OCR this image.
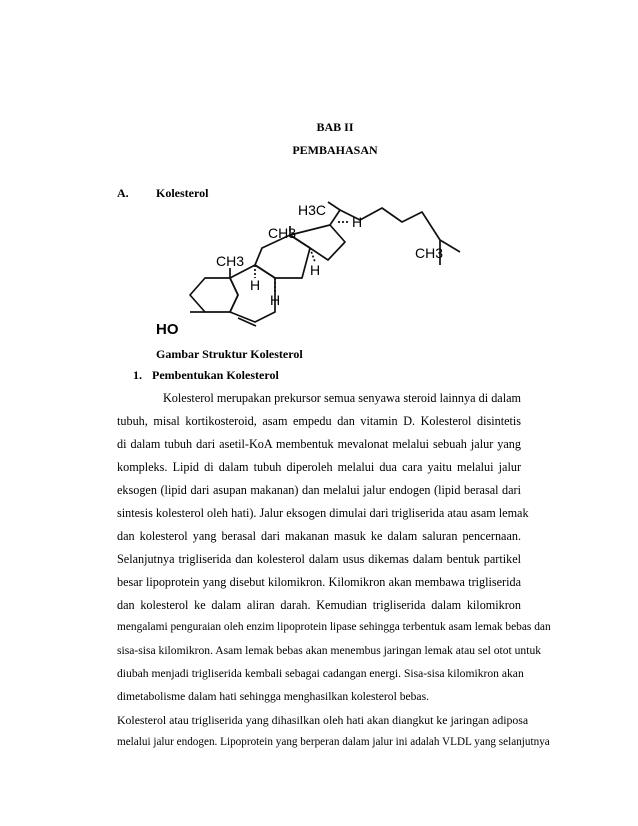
BAB II
PEMBAHASAN
A. Kolesterol
H3C
CH3
CH3	CH3
HO
H
H
H
H
Gambar Struktur Kolesterol
1. Pembentukan Kolesterol
Kolesterol merupakan prekursor semua senyawa steroid lainnya di dalam
tubuh, misal kortikosteroid, asam empedu dan vitamin D. Kolesterol disintetis
di dalam tubuh dari asetil-KoA membentuk mevalonat melalui sebuah jalur yang
kompleks. Lipid di dalam tubuh diperoleh melalui dua cara yaitu melalui jalur
eksogen (lipid dari asupan makanan) dan melalui jalur endogen (lipid berasal dari
sintesis kolesterol oleh hati). Jalur eksogen dimulai dari trigliserida atau asam lemak
dan kolesterol yang berasal dari makanan masuk ke dalam saluran pencernaan.
Selanjutnya trigliserida dan kolesterol dalam usus dikemas dalam bentuk partikel
besar lipoprotein yang disebut kilomikron. Kilomikron akan membawa trigliserida
dan kolesterol ke dalam aliran darah. Kemudian trigliserida dalam kilomikron
mengalami penguraian oleh enzim lipoprotein lipase sehingga terbentuk asam lemak bebas dan
sisa-sisa kilomikron. Asam lemak bebas akan menembus jaringan lemak atau sel otot untuk
diubah menjadi trigliserida kembali sebagai cadangan energi. Sisa-sisa kilomikron akan
dimetabolisme dalam hati sehingga menghasilkan kolesterol bebas.
Kolesterol atau trigliserida yang dihasilkan oleh hati akan diangkut ke jaringan adiposa
melalui jalur endogen. Lipoprotein yang berperan dalam jalur ini adalah VLDL yang selanjutnya
